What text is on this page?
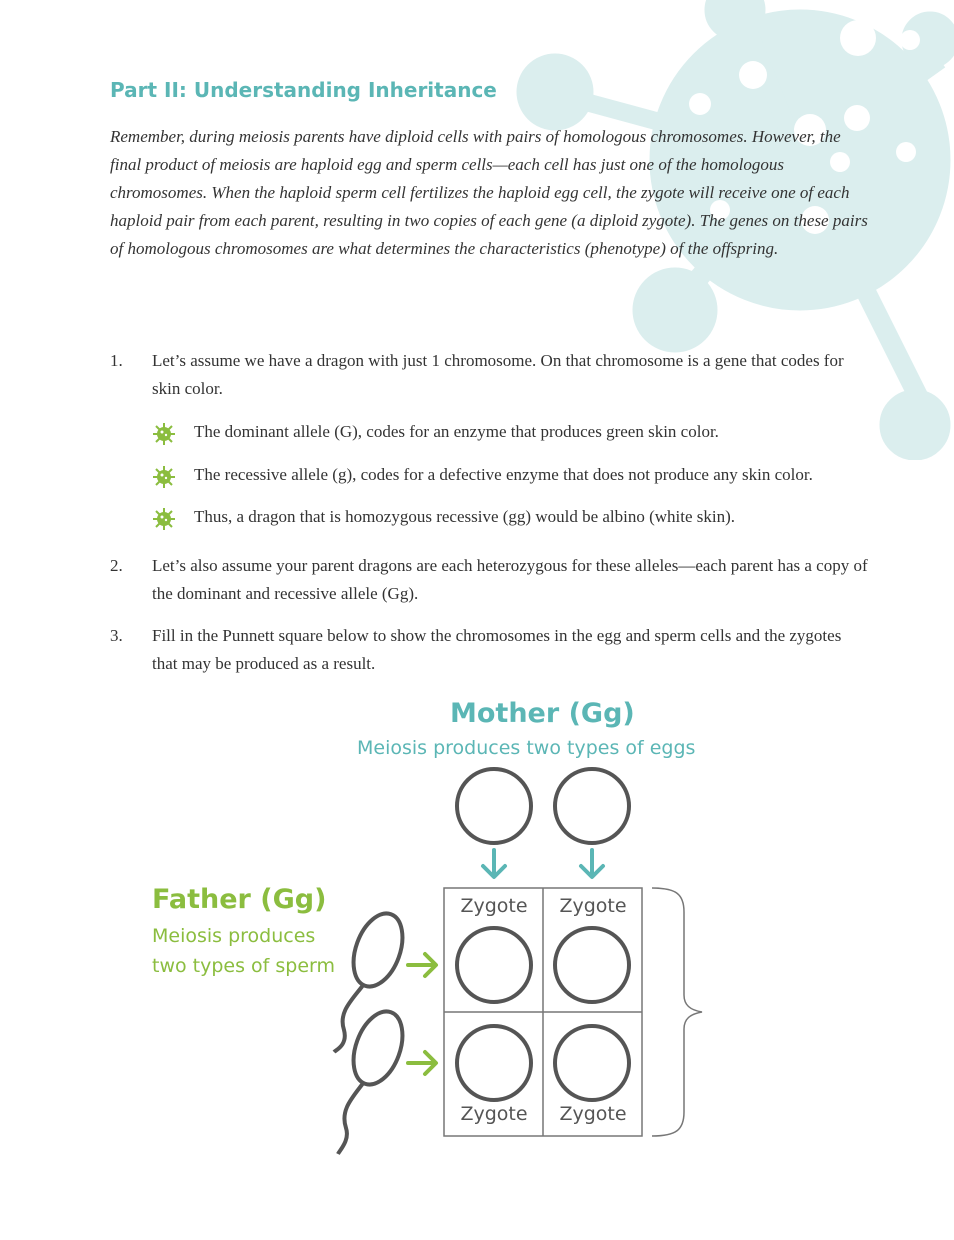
Part II: Understanding Inheritance
Remember, during meiosis parents have diploid cells with pairs of homologous chromosomes. However, the final product of meiosis are haploid egg and sperm cells—each cell has just one of the homologous chromosomes. When the haploid sperm cell fertilizes the haploid egg cell, the zygote will receive one of each haploid pair from each parent, resulting in two copies of each gene (a diploid zygote). The genes on these pairs of homologous chromosomes are what determines the characteristics (phenotype) of the offspring.
1. Let’s assume we have a dragon with just 1 chromosome. On that chromosome is a gene that codes for skin color.
The dominant allele (G), codes for an enzyme that produces green skin color.
The recessive allele (g), codes for a defective enzyme that does not produce any skin color.
Thus, a dragon that is homozygous recessive (gg) would be albino (white skin).
2. Let’s also assume your parent dragons are each heterozygous for these alleles—each parent has a copy of the dominant and recessive allele (Gg).
3. Fill in the Punnett square below to show the chromosomes in the egg and sperm cells and the zygotes that may be produced as a result.
Mother (Gg)
Meiosis produces two types of eggs
Father (Gg)
Meiosis produces two types of sperm
Zygote	Zygote
Zygote	Zygote
